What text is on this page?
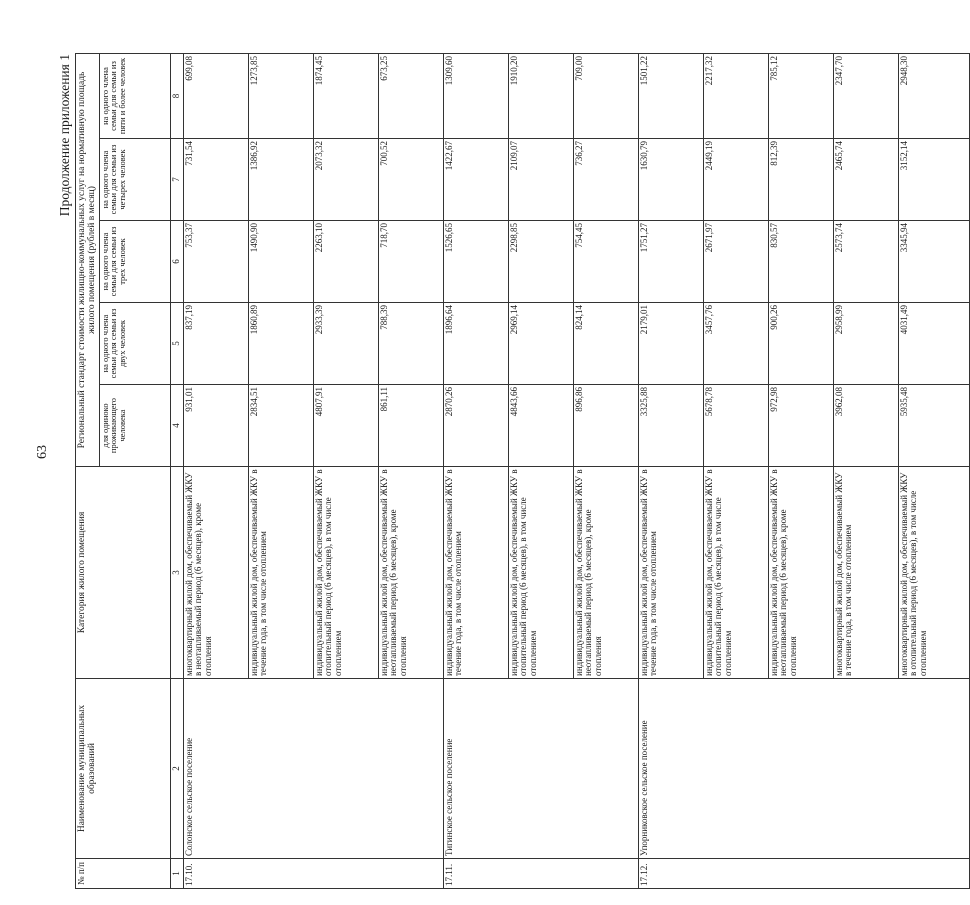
63
Продолжение приложения 1
№ п/п	Наименование муниципальных образований	Категория жилого помещения	Региональный стандарт стоимости жилищно-коммунальных услуг на нормативную площадь жилого помещения (рублей в месяц)				
			для одиноко проживающего человека	на одного члена семьи для семьи из двух человек	на одного члена семьи для семьи из трех человек	на одного члена семьи для семьи из четырех человек	на одного члена семьи для семьи из пяти и более человек
1	2	3	4	5	6	7	8
17.10.	Солонское сельское поселение	многоквартирный жилой дом, обеспечиваемый ЖКУ в неотапливаемый период (6 месяцев), кроме отопления	931,01	837,19	753,37	731,54	699,08
		индивидуальный жилой дом, обеспечиваемый ЖКУ в течение года, в том числе отоплением	2834,51	1860,89	1490,90	1386,92	1273,85
		индивидуальный жилой дом, обеспечиваемый ЖКУ в отопительный период (6 месяцев), в том числе отоплением	4807,91	2933,39	2263,10	2073,32	1874,45
		индивидуальный жилой дом, обеспечиваемый ЖКУ в неотапливаемый период (6 месяцев), кроме отопления	861,11	788,39	718,70	700,52	673,25
17.11.	Тигинское сельское поселение	индивидуальный жилой дом, обеспечиваемый ЖКУ в течение года, в том числе отоплением	2870,26	1896,64	1526,65	1422,67	1309,60
		индивидуальный жилой дом, обеспечиваемый ЖКУ в отопительный период (6 месяцев), в том числе отоплением	4843,66	2969,14	2298,85	2109,07	1910,20
		индивидуальный жилой дом, обеспечиваемый ЖКУ в неотапливаемый период (6 месяцев), кроме отопления	896,86	824,14	754,45	736,27	709,00
17.12.	Упорниковское сельское поселение	индивидуальный жилой дом, обеспечиваемый ЖКУ в течение года, в том числе отоплением	3325,88	2179,01	1751,27	1630,79	1501,22
		индивидуальный жилой дом, обеспечиваемый ЖКУ в отопительный период (6 месяцев), в том числе отоплением	5678,78	3457,76	2671,97	2449,19	2217,32
		индивидуальный жилой дом, обеспечиваемый ЖКУ в неотапливаемый период (6 месяцев), кроме отопления	972,98	900,26	830,57	812,39	785,12
		многоквартирный жилой дом, обеспечиваемый ЖКУ в течение года, в том числе отоплением	3962,08	2958,99	2573,74	2465,74	2347,70
		многоквартирный жилой дом, обеспечиваемый ЖКУ в отопительный период (6 месяцев), в том числе отоплением	5935,48	4031,49	3345,94	3152,14	2948,30
